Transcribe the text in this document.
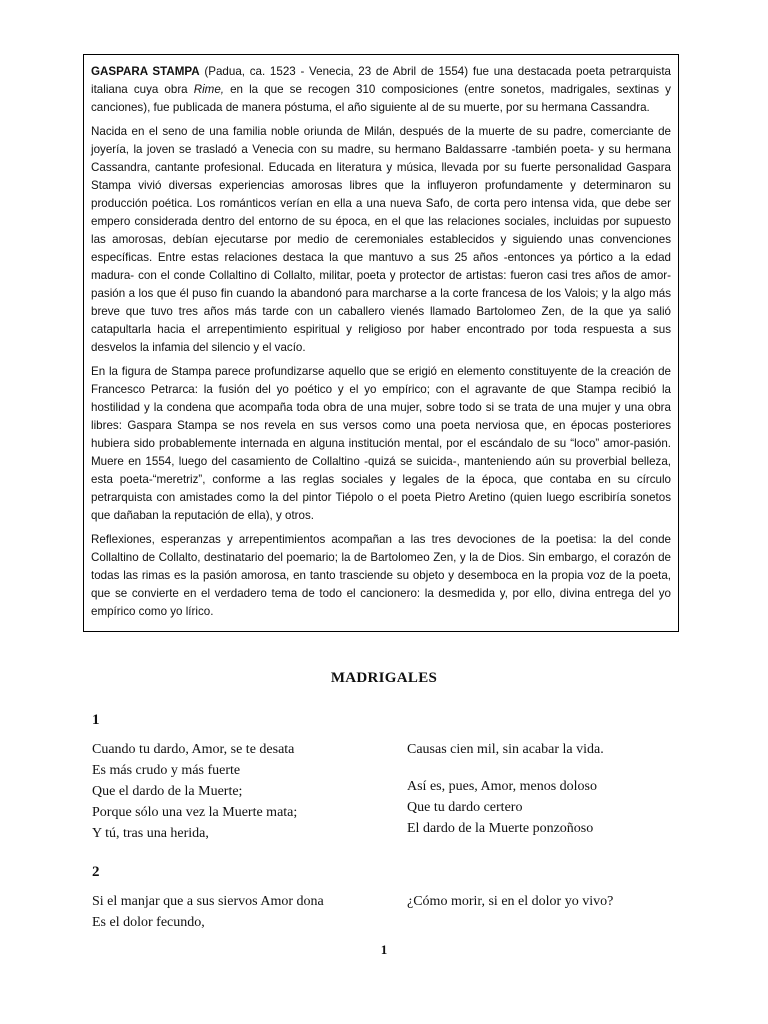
GASPARA STAMPA (Padua, ca. 1523 - Venecia, 23 de Abril de 1554) fue una destacada poeta petrarquista italiana cuya obra Rime, en la que se recogen 310 composiciones (entre sonetos, madrigales, sextinas y canciones), fue publicada de manera póstuma, el año siguiente al de su muerte, por su hermana Cassandra.

Nacida en el seno de una familia noble oriunda de Milán, después de la muerte de su padre, comerciante de joyería, la joven se trasladó a Venecia con su madre, su hermano Baldassarre -también poeta- y su hermana Cassandra, cantante profesional. Educada en literatura y música, llevada por su fuerte personalidad Gaspara Stampa vivió diversas experiencias amorosas libres que la influyeron profundamente y determinaron su producción poética. Los románticos verían en ella a una nueva Safo, de corta pero intensa vida, que debe ser empero considerada dentro del entorno de su época, en el que las relaciones sociales, incluidas por supuesto las amorosas, debían ejecutarse por medio de ceremoniales establecidos y siguiendo unas convenciones específicas. Entre estas relaciones destaca la que mantuvo a sus 25 años -entonces ya pórtico a la edad madura- con el conde Collaltino di Collalto, militar, poeta y protector de artistas: fueron casi tres años de amor-pasión a los que él puso fin cuando la abandonó para marcharse a la corte francesa de los Valois; y la algo más breve que tuvo tres años más tarde con un caballero vienés llamado Bartolomeo Zen, de la que ya salió catapultarla hacia el arrepentimiento espiritual y religioso por haber encontrado por toda respuesta a sus desvelos la infamia del silencio y el vacío.

En la figura de Stampa parece profundizarse aquello que se erigió en elemento constituyente de la creación de Francesco Petrarca: la fusión del yo poético y el yo empírico; con el agravante de que Stampa recibió la hostilidad y la condena que acompaña toda obra de una mujer, sobre todo si se trata de una mujer y una obra libres: Gaspara Stampa se nos revela en sus versos como una poeta nerviosa que, en épocas posteriores hubiera sido probablemente internada en alguna institución mental, por el escándalo de su “loco” amor-pasión. Muere en 1554, luego del casamiento de Collaltino -quizá se suicida-, manteniendo aún su proverbial belleza, esta poeta-“meretriz”, conforme a las reglas sociales y legales de la época, que contaba en su círculo petrarquista con amistades como la del pintor Tiépolo o el poeta Pietro Aretino (quien luego escribiría sonetos que dañaban la reputación de ella), y otros.

Reflexiones, esperanzas y arrepentimientos acompañan a las tres devociones de la poetisa: la del conde Collaltino de Collalto, destinatario del poemario; la de Bartolomeo Zen, y la de Dios. Sin embargo, el corazón de todas las rimas es la pasión amorosa, en tanto trasciende su objeto y desemboca en la propia voz de la poeta, que se convierte en el verdadero tema de todo el cancionero: la desmedida y, por ello, divina entrega del yo empírico como yo lírico.

MADRIGALES
1
Cuando tu dardo, Amor, se te desata
Es más crudo y más fuerte
Que el dardo de la Muerte;
Porque sólo una vez la Muerte mata;
Y tú, tras una herida,
Causas cien mil, sin acabar la vida.
Así es, pues, Amor, menos doloso
Que tu dardo certero
El dardo de la Muerte ponzoñoso
2
Si el manjar que a sus siervos Amor dona
Es el dolor fecundo,
¿Cómo morir, si en el dolor yo vivo?
1
